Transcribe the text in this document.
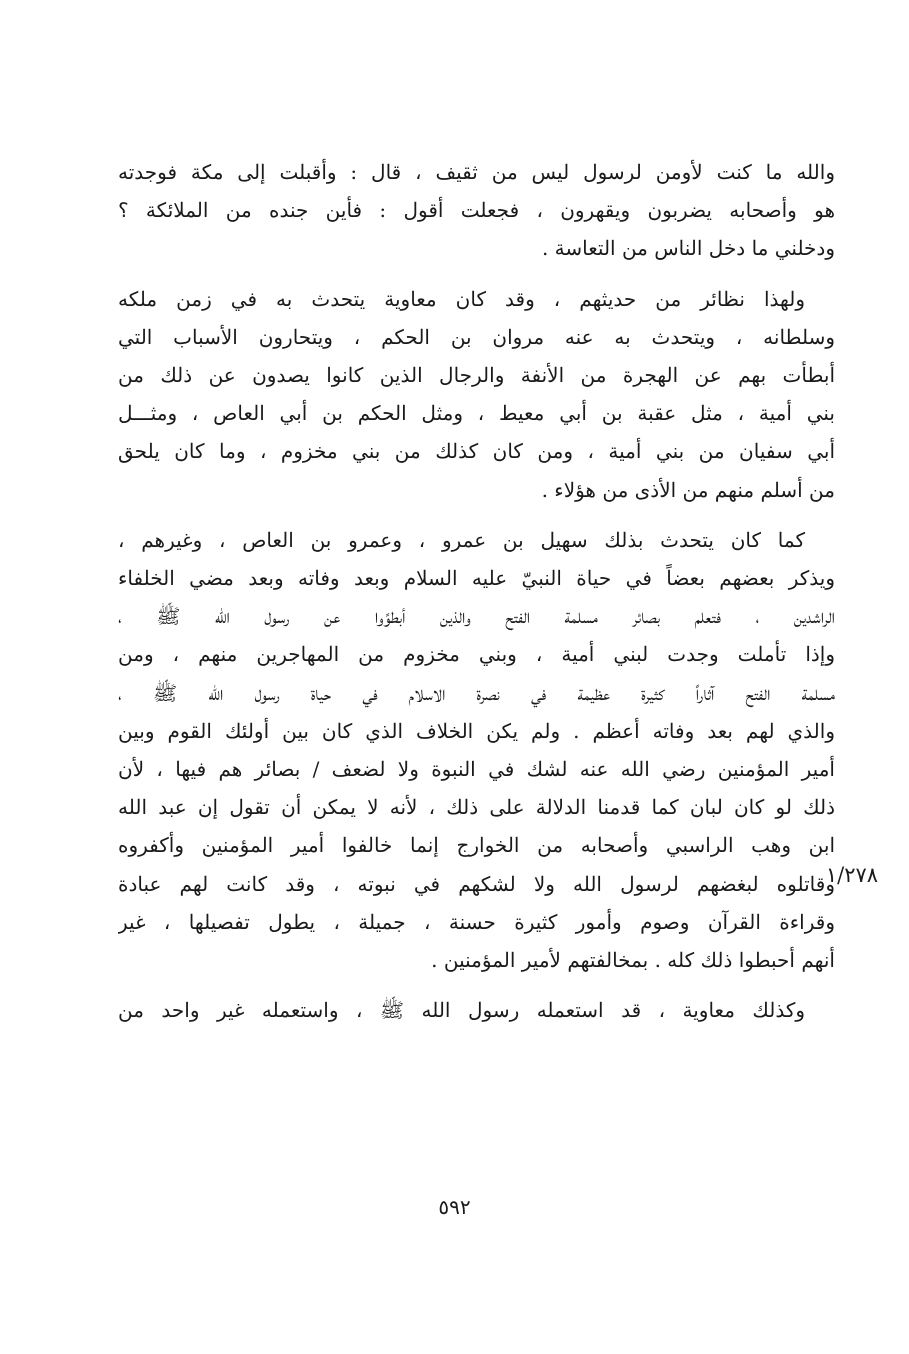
والله ما كنت لأومن لرسول ليس من ثقيف ، قال : وأقبلت إلى مكة فوجدته
هو وأصحابه يضربون ويقهرون ، فجعلت أقول : فأين جنده من الملائكة ؟
ودخلني ما دخل الناس من التعاسة .

ولهذا نظائر من حديثهم ، وقد كان معاوية يتحدث به في زمن ملكه
وسلطانه ، ويتحدث به عنه مروان بن الحكم ، ويتحارون الأسباب التي
أبطأت بهم عن الهجرة من الأنفة والرجال الذين كانوا يصدون عن ذلك من
بني أمية ، مثل عقبة بن أبي معيط ، ومثل الحكم بن أبي العاص ، ومثـــل
أبي سفيان من بني أمية ، ومن كان كذلك من بني مخزوم ، وما كان يلحق
من أسلم منهم من الأذى من هؤلاء .

كما كان يتحدث بذلك سهيل بن عمرو ، وعمرو بن العاص ، وغيرهم ،
ويذكر بعضهم بعضاً في حياة النبيّ عليه السلام وبعد وفاته وبعد مضي الخلفاء
الراشدين ، فتعلم بصائر مسلمة الفتح والذين أبطوًوا عن رسول الله ﷺ ،
وإذا تأملت وجدت لبني أمية ، وبني مخزوم من المهاجرين منهم ، ومن
مسلمة الفتح آثاراً كثيرة عظيمة في نصرة الاسلام في حياة رسول الله ﷺ ،
والذي لهم بعد وفاته أعظم . ولم يكن الخلاف الذي كان بين أولئك القوم وبين
أمير المؤمنين رضي الله عنه لشك في النبوة ولا لضعف / بصائر هم فيها ، لأن
ذلك لو كان لبان كما قدمنا الدلالة على ذلك ، لأنه لا يمكن أن تقول إن عبد الله
ابن وهب الراسبي وأصحابه من الخوارج إنما خالفوا أمير المؤمنين وأكفروه
وقاتلوه لبغضهم لرسول الله ولا لشكهم في نبوته ، وقد كانت لهم عبادة
وقراءة القرآن وصوم وأمور كثيرة حسنة ، جميلة ، يطول تفصيلها ، غير
أنهم أحبطوا ذلك كله . بمخالفتهم لأمير المؤمنين .

وكذلك معاوية ، قد استعمله رسول الله ﷺ ، واستعمله غير واحد من

١/٢٧٨
٥٩٢
